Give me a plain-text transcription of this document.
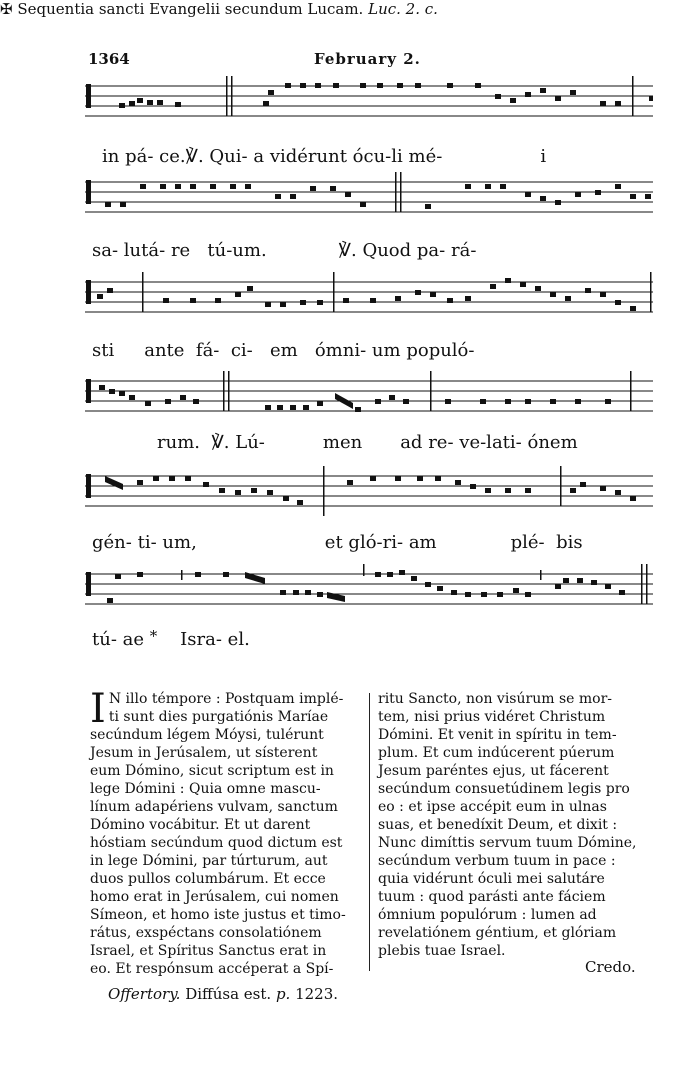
1364	February 2.
in pá- ce.℣. Qui- a vidérunt ócu-li mé-	i
sa- lutá- re tú-um.	℣. Quod pa- rá-
sti ante fá- ci- em ómni- um populó-
rum. ℣. Lú-	men ad re- ve-lati- ónem
gén- ti- um,	et gló-ri- am	plé- bis
tú- ae * Isra- el.
✠ Sequentia sancti Evangelii secundum Lucam. Luc. 2. c.
I N illo témpore : Postquam implé-
ti sunt dies purgatiónis Maríae
secúndum légem Móysi, tulérunt
Jesum in Jerúsalem, ut sísterent
eum Dómino, sicut scriptum est in
lege Dómini : Quia omne mascu-
línum adapériens vulvam, sanctum
Dómino vocábitur. Et ut darent
hóstiam secúndum quod dictum est
in lege Dómini, par túrturum, aut
duos pullos columbárum. Et ecce
homo erat in Jerúsalem, cui nomen
Símeon, et homo iste justus et timo-
rátus, exspéctans consolatiónem
Israel, et Spíritus Sanctus erat in
eo. Et respónsum accéperat a Spí-
ritu Sancto, non visúrum se mor-
tem, nisi prius vidéret Christum
Dómini. Et venit in spíritu in tem-
plum. Et cum indúcerent púerum
Jesum paréntes ejus, ut fácerent
secúndum consuetúdinem legis pro
eo : et ipse accépit eum in ulnas
suas, et benedíxit Deum, et dixit :
Nunc dimíttis servum tuum Dómine,
secúndum verbum tuum in pace :
quia vidérunt óculi mei salutáre
tuum : quod parásti ante fáciem
ómnium populórum : lumen ad
revelatiónem géntium, et glóriam
plebis tuae Israel.
Credo.
Offertory. Diffúsa est. p. 1223.
